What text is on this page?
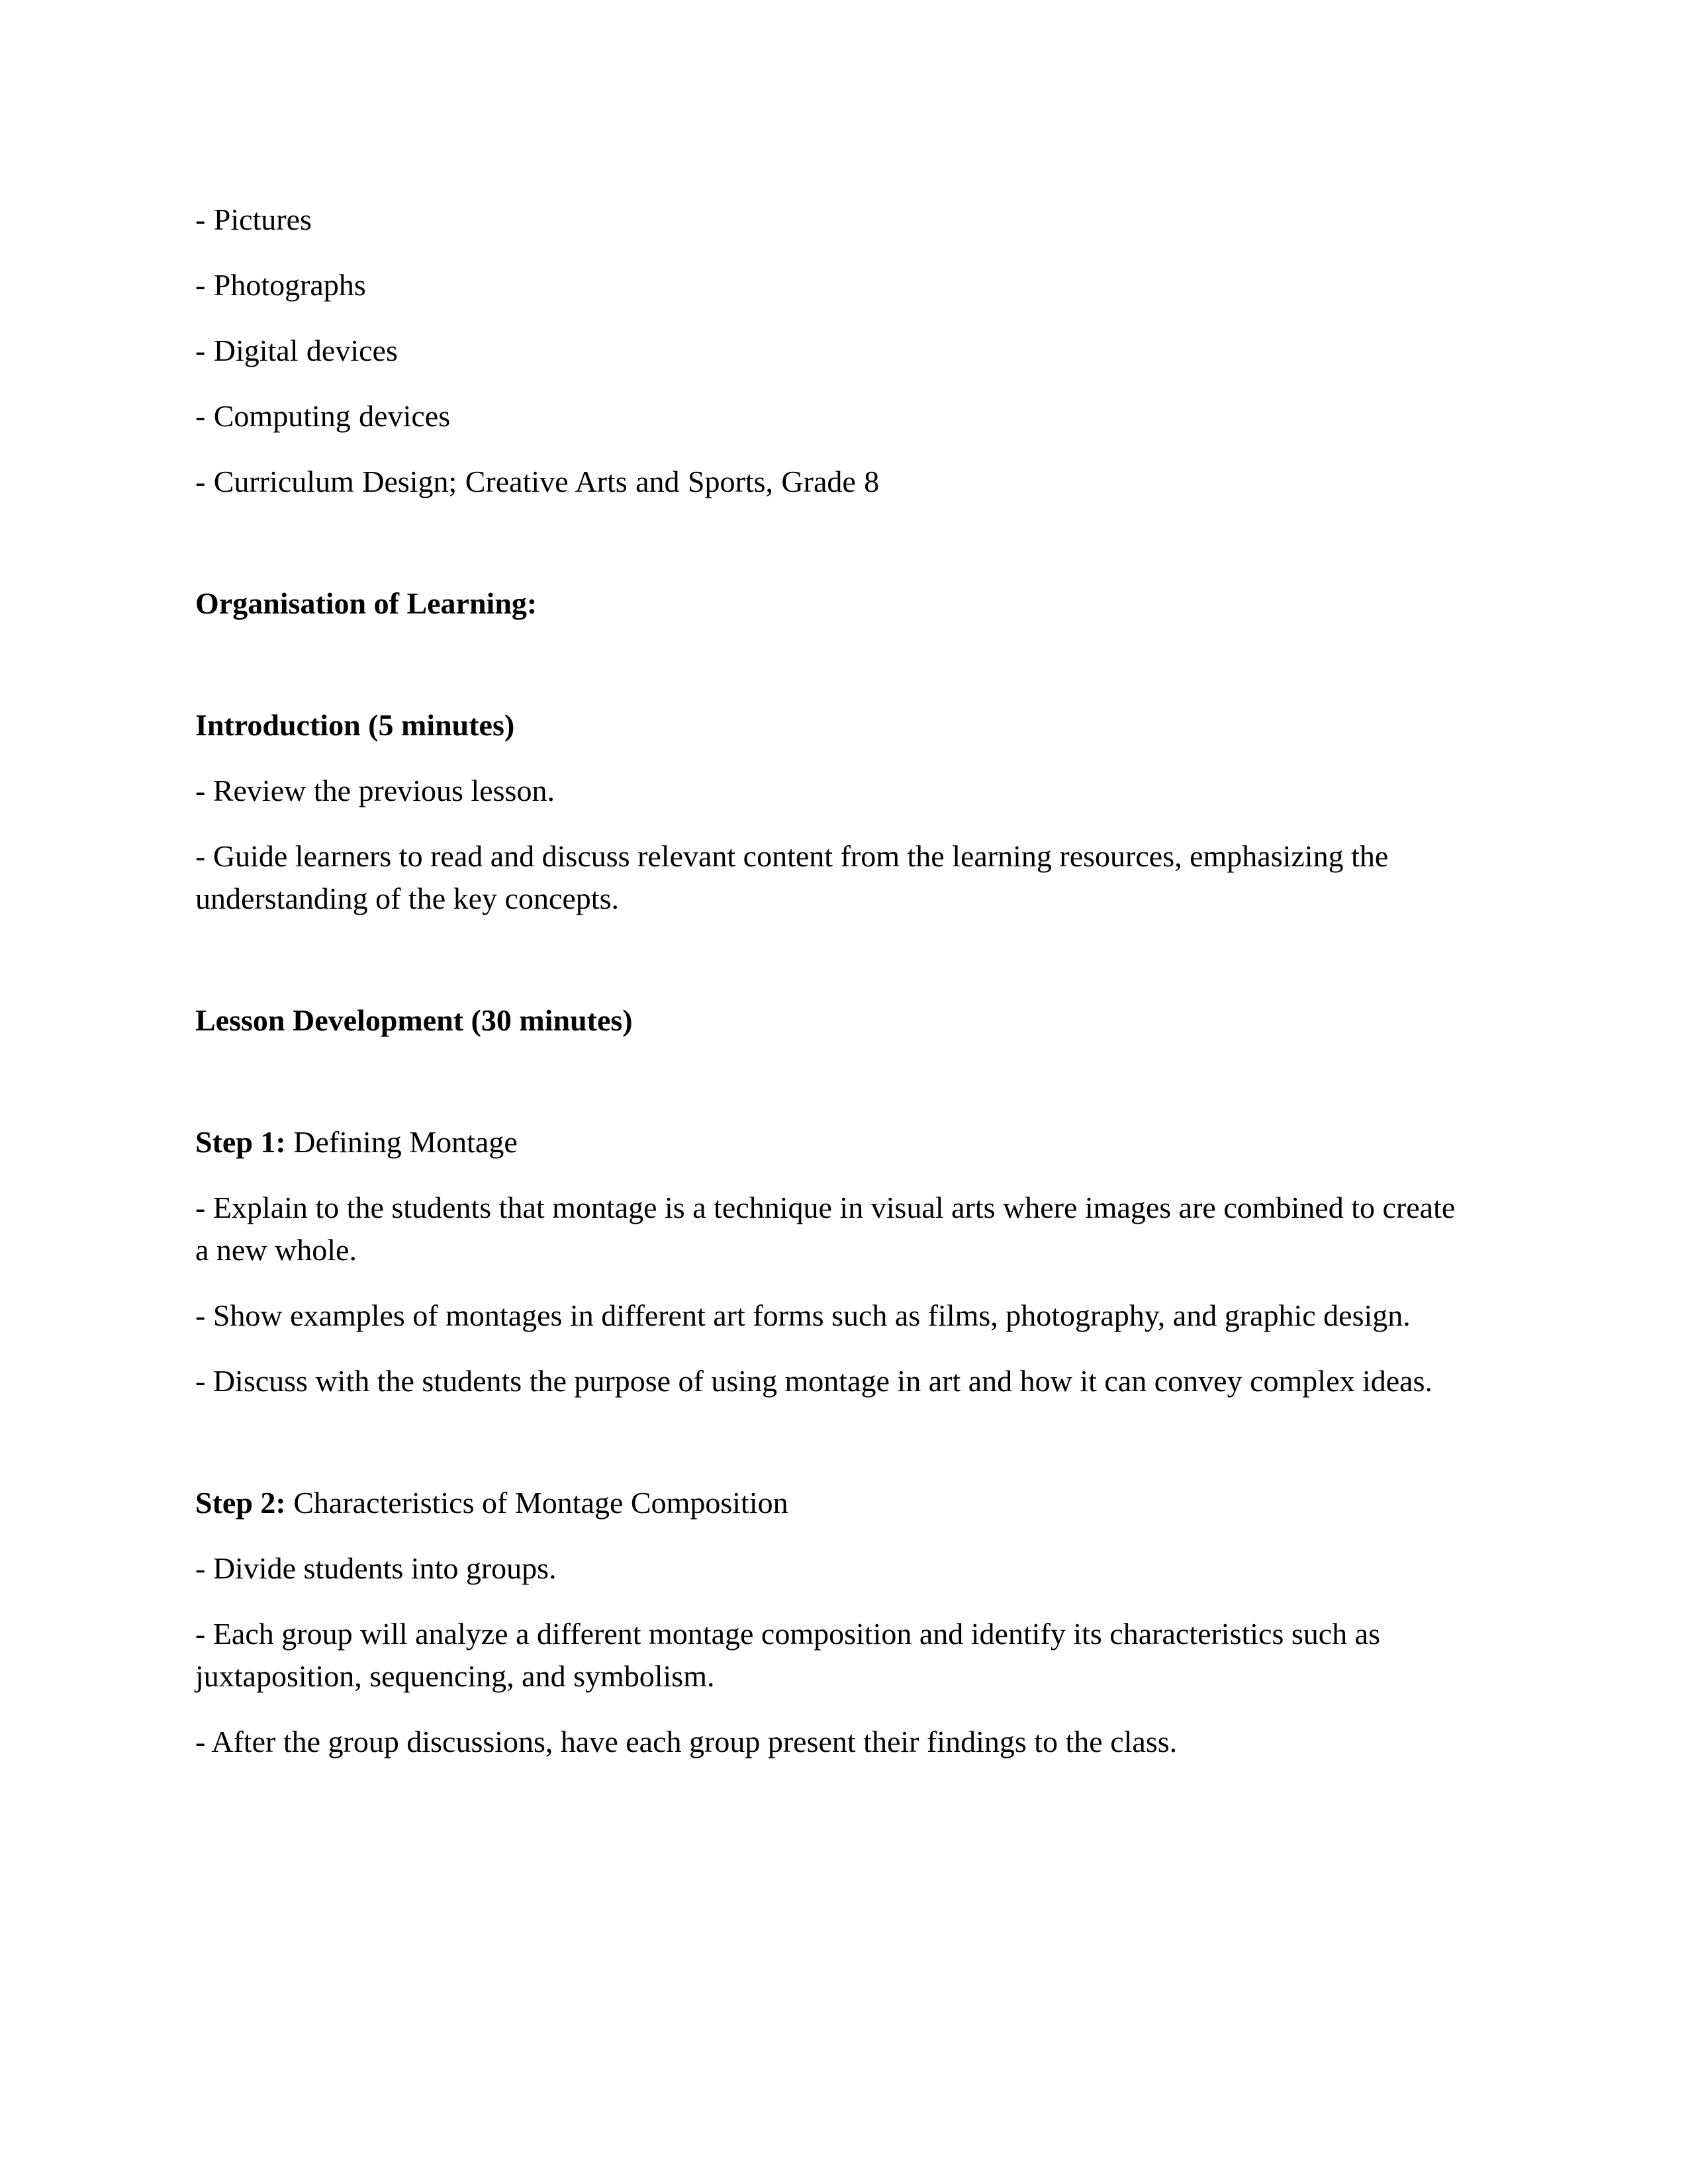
- Pictures

- Photographs

- Digital devices

- Computing devices

- Curriculum Design; Creative Arts and Sports, Grade 8

Organisation of Learning:

Introduction (5 minutes)

- Review the previous lesson.

- Guide learners to read and discuss relevant content from the learning resources, emphasizing the understanding of the key concepts.

Lesson Development (30 minutes)

Step 1: Defining Montage

- Explain to the students that montage is a technique in visual arts where images are combined to create a new whole.

- Show examples of montages in different art forms such as films, photography, and graphic design.

- Discuss with the students the purpose of using montage in art and how it can convey complex ideas.

Step 2: Characteristics of Montage Composition

- Divide students into groups.

- Each group will analyze a different montage composition and identify its characteristics such as juxtaposition, sequencing, and symbolism.

- After the group discussions, have each group present their findings to the class.
